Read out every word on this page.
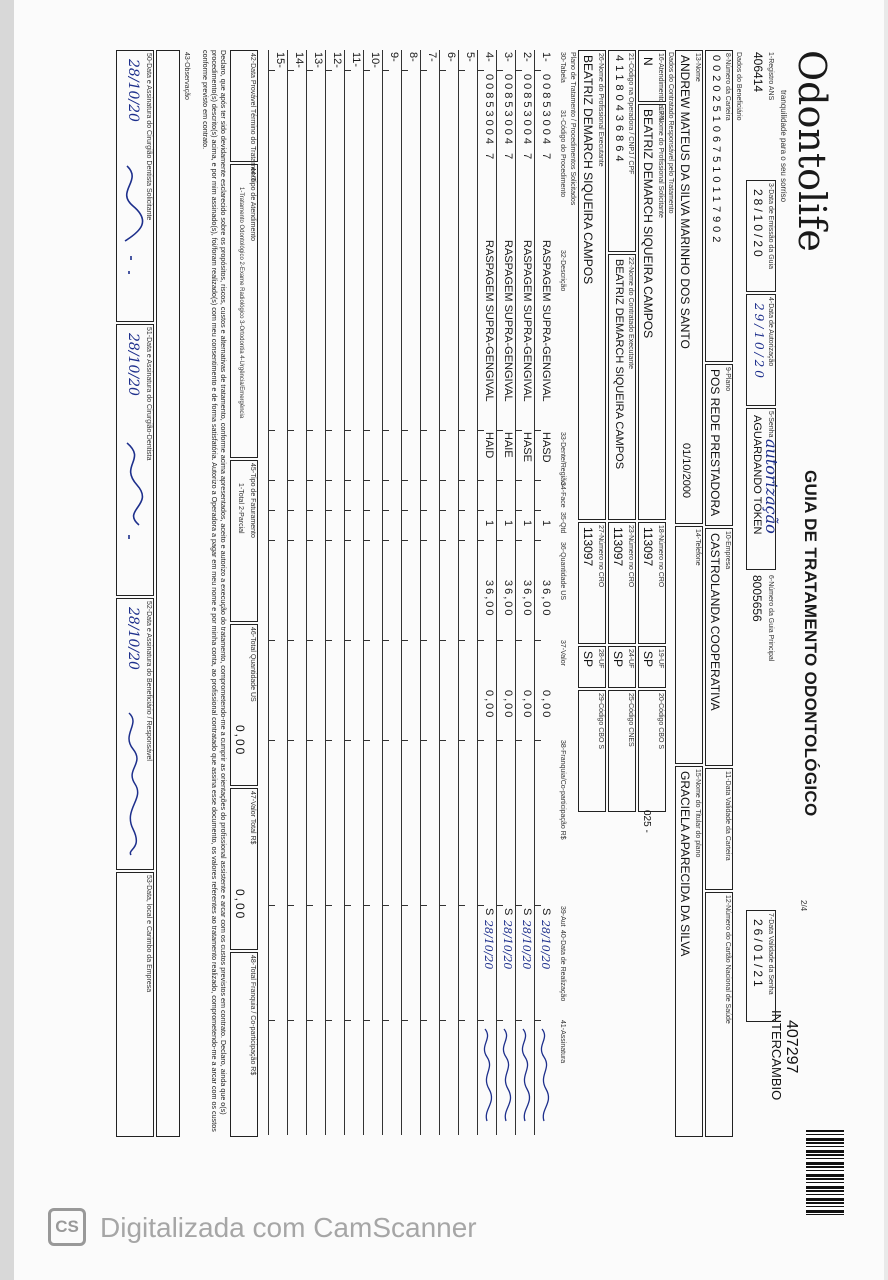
Odontolife
tranquilidade para o seu sorriso
GUIA DE TRATAMENTO ODONTOLÓGICO
2/4
407297
INTERCAMBIO
1-Registro ANS
406414
3-Data de Emissão da Guia
28/10/20
4-Data de Autorização
29/10/20
5-Senha
autorização
AGUARDANDO TOKEN
6-Número da Guia Principal
8005656
7-Data Validade da Senha
26/01/21
Dados do Beneficiário
8-Número da Carteira
0020251067510117902
9-Plano
POS REDE PRESTADORA
10-Empresa
CASTROLANDA COOPERATIVA
11-Data Validade da Carteira
12-Número do Cartão Nacional de Saúde
13-Nome
ANDREW MATEUS DA SILVA MARINHO DOS SANTO
01/10/2000
14-Telefone
15-Nome do Titular do plano
GRACIELA APARECIDA DA SILVA
Dados do Contratado Responsável pelo Tratamento
16-Atendimento a RN
N
17-Nome do Profissional Solicitante
BEATRIZ DEMARCH SIQUEIRA CAMPOS
18-Número no CRO
113097
19-UF
SP
20-Código CBO S
025 -
21-Código na Operadora / CNPJ / CPF
41180436864
22-Nome do Contratado Executante
BEATRIZ DEMARCH SIQUEIRA CAMPOS
23-Número no CRO
113097
24-UF
SP
25-Código CNES
26-Nome do Profissional Executante
BEATRIZ DEMARCH SIQUEIRA CAMPOS
27-Número no CRO
113097
28-UF
SP
29-Código CBO S
Plano de Tratamento / Procedimentos Solicitados
30-Tabela
31-Código do Procedimento
32-Descrição
33-Dente/Região
34-Face
35-Qtd
36-Quantidade US
37-Valor
38-Franquia/Co-participação R$
39-Aut
40-Data de Realização
41-Assinatura
1-
00853004 7
RASPAGEM SUPRA-GENGIVAL
HASD
1
36,00
0,00
S
28/10/20
2-
00853004 7
RASPAGEM SUPRA-GENGIVAL
HASE
1
36,00
0,00
S
28/10/20
3-
00853004 7
RASPAGEM SUPRA-GENGIVAL
HAIE
1
36,00
0,00
S
28/10/20
4-
00853004 7
RASPAGEM SUPRA-GENGIVAL
HAID
1
36,00
0,00
S
28/10/20
5-
6-
7-
8-
9-
10-
11-
12-
13-
14-
15-
42-Data Provável Término do Tratamento
44-Tipo de Atendimento
1-Tratamento Odontológico 2-Exame Radiológico 3-Ortodontia 4-Urgência/Emergência
45-Tipo de Faturamento
1-Total 2-Parcial
46-Total Quantidade US
0,00
47-Valor Total R$
0,00
48-Total Franquia / Co-participação R$
Declaro, que após ter sido devidamente esclarecido sobre os propósitos, riscos, custos e alternativas de tratamento, conforme acima apresentados, aceito e autorizo a execução do tratamento, comprometendo-me a cumprir as orientações do profissional assistente e arcar com os custos previstos em contrato. Declaro, ainda que o(s) procedimento(s) descrito(s) acima, e por mim assinado(s), foi/foram realizado(s) com meu consentimento e de forma satisfatória. Autorizo a Operadora a pagar em meu nome e por minha conta, ao profissional contratado que assina esse documento, os valores referentes ao tratamento realizado, comprometendo-me a arcar com os custos conforme previsto em contrato.
43-Observação
50-Data e Assinatura do Cirurgião Dentista Solicitante
28/10/20
51-Data e Assinatura do Cirurgião-Dentista
28/10/20
52-Data e Assinatura do Beneficiário / Responsável
28/10/20
53-Data, local e Carimbo da Empresa
CS Digitalizada com CamScanner
